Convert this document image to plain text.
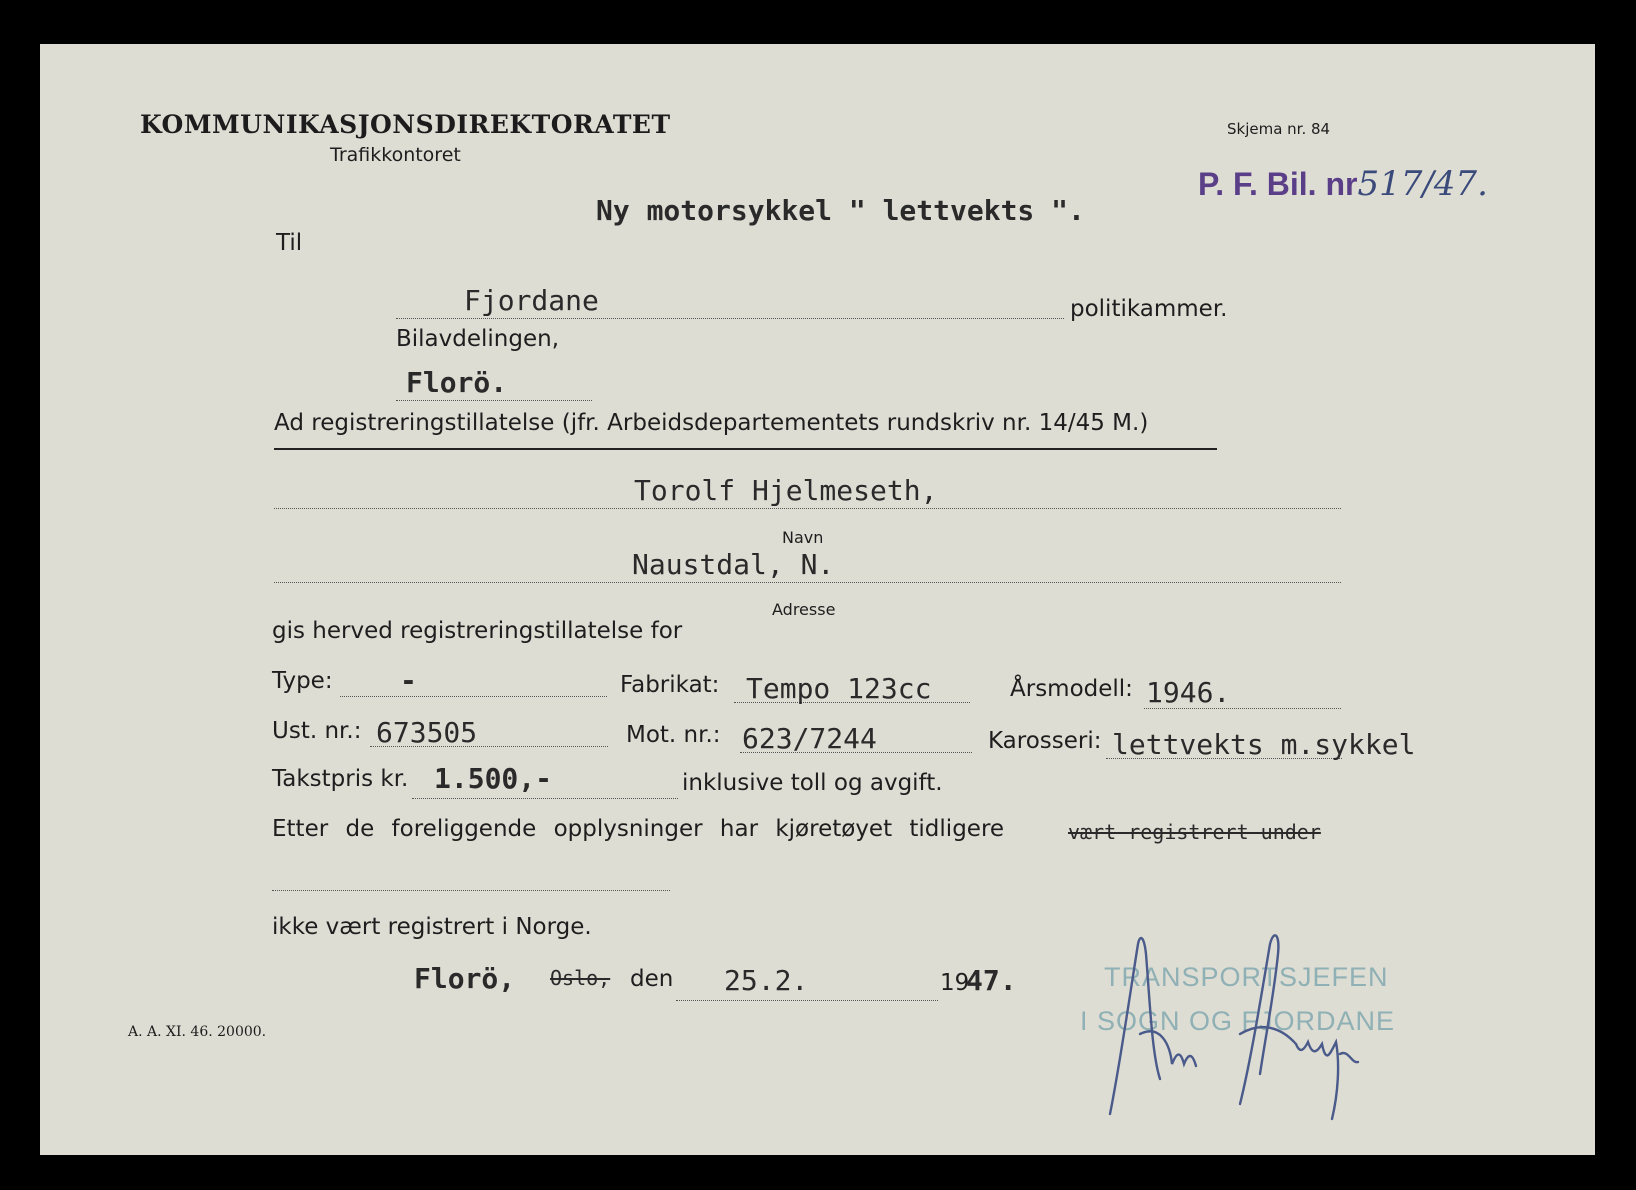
KOMMUNIKASJONSDIREKTORATET
Trafikkontoret
Skjema nr. 84
P. F. Bil. nr517/47.
Ny motorsykkel " lettvekts ".
Til
Fjordane	politikammer.
Bilavdelingen,
Florö.
Ad registreringstillatelse (jfr. Arbeidsdepartementets rundskriv nr. 14/45 M.)
Torolf Hjelmeseth,
Navn
Naustdal, N.
Adresse
gis herved registreringstillatelse for
Type: -	Fabrikat: Tempo 123cc	Årsmodell: 1946.
Ust. nr.: 673505	Mot. nr.: 623/7244	Karosseri: lettvekts m.sykkel
Takstpris kr. 1.500,-	inklusive toll og avgift.
Etter de foreliggende opplysninger har kjøretøyet tidligere	vært registrert under
ikke vært registrert i Norge.
Florö, Oslo, den 25.2.	19
47.	TRANSPORTSJEFEN
I SOGN OG FJORDANE
A. A. XI. 46. 20000.
